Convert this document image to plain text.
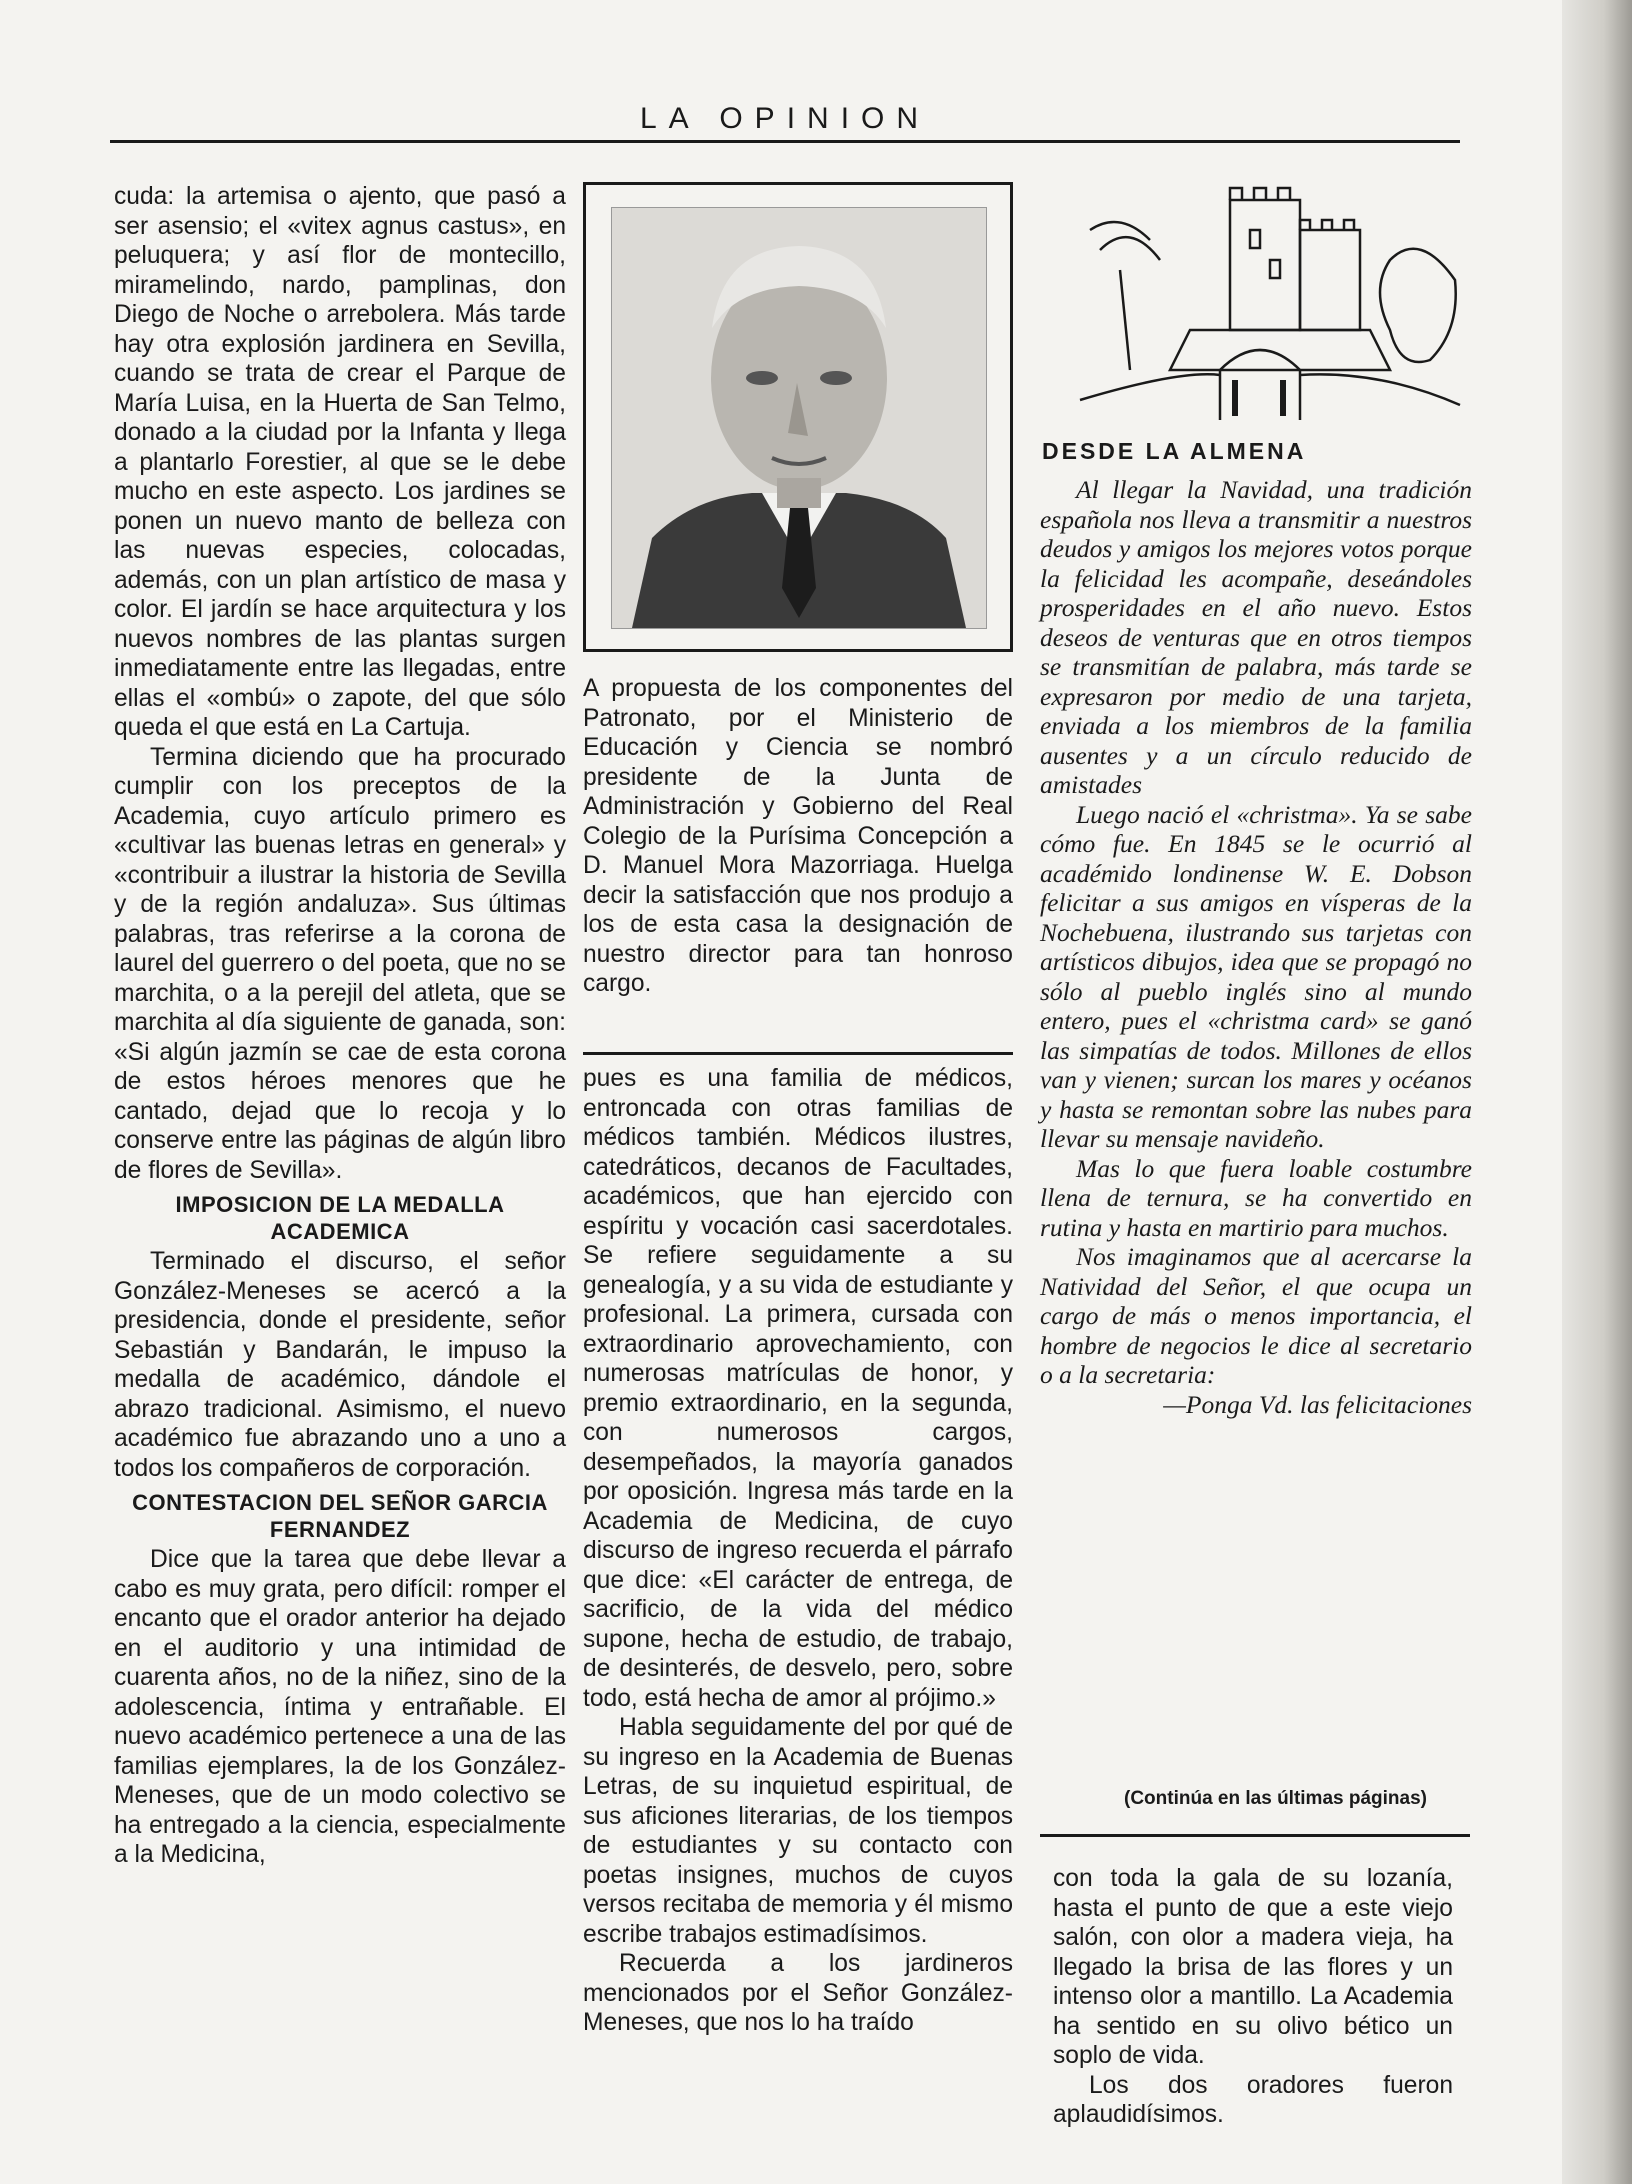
LA OPINION

cuda: la artemisa o ajento, que pasó a ser asensio; el «vitex agnus castus», en peluquera; y así flor de montecillo, miramelindo, nardo, pamplinas, don Diego de Noche o arrebolera. Más tarde hay otra explosión jardinera en Sevilla, cuando se trata de crear el Parque de María Luisa, en la Huerta de San Telmo, donado a la ciudad por la Infanta y llega a plantarlo Forestier, al que se le debe mucho en este aspecto. Los jardines se ponen un nuevo manto de belleza con las nuevas especies, colocadas, además, con un plan artístico de masa y color. El jardín se hace arquitectura y los nuevos nombres de las plantas surgen inmediatamente entre las llegadas, entre ellas el «ombú» o zapote, del que sólo queda el que está en La Cartuja.

Termina diciendo que ha procurado cumplir con los preceptos de la Academia, cuyo artículo primero es «cultivar las buenas letras en general» y «contribuir a ilustrar la historia de Sevilla y de la región andaluza». Sus últimas palabras, tras referirse a la corona de laurel del guerrero o del poeta, que no se marchita, o a la perejil del atleta, que se marchita al día siguiente de ganada, son: «Si algún jazmín se cae de esta corona de estos héroes menores que he cantado, dejad que lo recoja y lo conserve entre las páginas de algún libro de flores de Sevilla».

IMPOSICION DE LA MEDALLA ACADEMICA

Terminado el discurso, el señor González-Meneses se acercó a la presidencia, donde el presidente, señor Sebastián y Bandarán, le impuso la medalla de académico, dándole el abrazo tradicional. Asimismo, el nuevo académico fue abrazando uno a uno a todos los compañeros de corporación.

CONTESTACION DEL SEÑOR GARCIA FERNANDEZ

Dice que la tarea que debe llevar a cabo es muy grata, pero difícil: romper el encanto que el orador anterior ha dejado en el auditorio y una intimidad de cuarenta años, no de la niñez, sino de la adolescencia, íntima y entrañable. El nuevo académico pertenece a una de las familias ejemplares, la de los González-Meneses, que de un modo colectivo se ha entregado a la ciencia, especialmente a la Medicina,

A propuesta de los componentes del Patronato, por el Ministerio de Educación y Ciencia se nombró presidente de la Junta de Administración y Gobierno del Real Colegio de la Purísima Concepción a D. Manuel Mora Mazorriaga. Huelga decir la satisfacción que nos produjo a los de esta casa la designación de nuestro director para tan honroso cargo.

pues es una familia de médicos, entroncada con otras familias de médicos también. Médicos ilustres, catedráticos, decanos de Facultades, académicos, que han ejercido con espíritu y vocación casi sacerdotales. Se refiere seguidamente a su genealogía, y a su vida de estudiante y profesional. La primera, cursada con extraordinario aprovechamiento, con numerosas matrículas de honor, y premio extraordinario, en la segunda, con numerosos cargos, desempeñados, la mayoría ganados por oposición. Ingresa más tarde en la Academia de Medicina, de cuyo discurso de ingreso recuerda el párrafo que dice: «El carácter de entrega, de sacrificio, de la vida del médico supone, hecha de estudio, de trabajo, de desinterés, de desvelo, pero, sobre todo, está hecha de amor al prójimo.»

Habla seguidamente del por qué de su ingreso en la Academia de Buenas Letras, de su inquietud espiritual, de sus aficiones literarias, de los tiempos de estudiantes y su contacto con poetas insignes, muchos de cuyos versos recitaba de memoria y él mismo escribe trabajos estimadísimos.

Recuerda a los jardineros mencionados por el Señor González-Meneses, que nos lo ha traído

DESDE LA ALMENA

Al llegar la Navidad, una tradición española nos lleva a transmitir a nuestros deudos y amigos los mejores votos porque la felicidad les acompañe, deseándoles prosperidades en el año nuevo. Estos deseos de venturas que en otros tiempos se transmitían de palabra, más tarde se expresaron por medio de una tarjeta, enviada a los miembros de la familia ausentes y a un círculo reducido de amistades

Luego nació el «christma». Ya se sabe cómo fue. En 1845 se le ocurrió al académido londinense W. E. Dobson felicitar a sus amigos en vísperas de la Nochebuena, ilustrando sus tarjetas con artísticos dibujos, idea que se propagó no sólo al pueblo inglés sino al mundo entero, pues el «christma card» se ganó las simpatías de todos. Millones de ellos van y vienen; surcan los mares y océanos y hasta se remontan sobre las nubes para llevar su mensaje navideño.

Mas lo que fuera loable costumbre llena de ternura, se ha convertido en rutina y hasta en martirio para muchos.

Nos imaginamos que al acercarse la Natividad del Señor, el que ocupa un cargo de más o menos importancia, el hombre de negocios le dice al secretario o a la secretaria:

—Ponga Vd. las felicitaciones

(Continúa en las últimas páginas)

con toda la gala de su lozanía, hasta el punto de que a este viejo salón, con olor a madera vieja, ha llegado la brisa de las flores y un intenso olor a mantillo. La Academia ha sentido en su olivo bético un soplo de vida.

Los dos oradores fueron aplaudidísimos.
